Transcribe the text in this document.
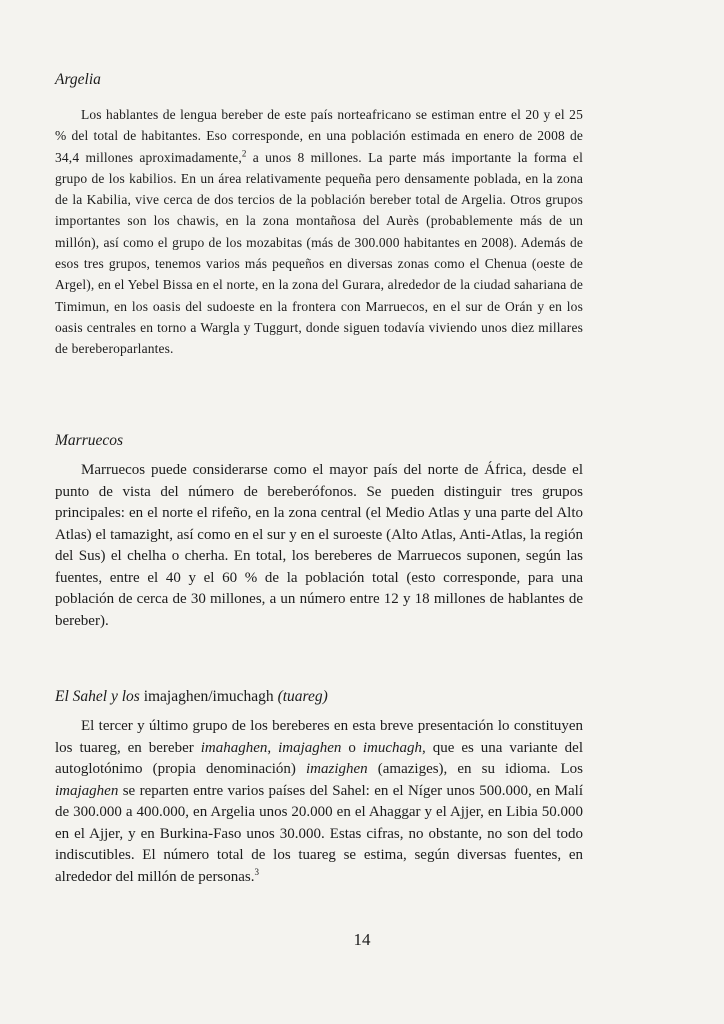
Argelia

Los hablantes de lengua bereber de este país norteafricano se estiman entre el 20 y el 25 % del total de habitantes. Eso corresponde, en una población estimada en enero de 2008 de 34,4 millones aproximadamente,$^2$ a unos 8 millones. La parte más importante la forma el grupo de los kabilios. En un área relativamente pequeña pero densamente poblada, en la zona de la Kabilia, vive cerca de dos tercios de la población bereber total de Argelia. Otros grupos importantes son los chawis, en la zona montañosa del Aurès (probablemente más de un millón), así como el grupo de los mozabitas (más de 300.000 habitantes en 2008). Además de esos tres grupos, tenemos varios más pequeños en diversas zonas como el Chenua (oeste de Argel), en el Yebel Bissa en el norte, en la zona del Gurara, alrededor de la ciudad sahariana de Timimun, en los oasis del sudoeste en la frontera con Marruecos, en el sur de Orán y en los oasis centrales en torno a Wargla y Tuggurt, donde siguen todavía viviendo unos diez millares de bereberoparlantes.

Marruecos

Marruecos puede considerarse como el mayor país del norte de África, desde el punto de vista del número de bereberófonos. Se pueden distinguir tres grupos principales: en el norte el rifeño, en la zona central (el Medio Atlas y una parte del Alto Atlas) el tamazight, así como en el sur y en el suroeste (Alto Atlas, Anti-Atlas, la región del Sus) el chelha o cherha. En total, los bereberes de Marruecos suponen, según las fuentes, entre el 40 y el 60 % de la población total (esto corresponde, para una población de cerca de 30 millones, a un número entre 12 y 18 millones de hablantes de bereber).

El Sahel y los imajaghen/imuchagh (tuareg)

El tercer y último grupo de los bereberes en esta breve presentación lo constituyen los tuareg, en bereber imahaghen, imajaghen o imuchagh, que es una variante del autoglotónimo (propia denominación) imazighen (amaziges), en su idioma. Los imajaghen se reparten entre varios países del Sahel: en el Níger unos 500.000, en Malí de 300.000 a 400.000, en Argelia unos 20.000 en el Ahaggar y el Ajjer, en Libia 50.000 en el Ajjer, y en Burkina-Faso unos 30.000. Estas cifras, no obstante, no son del todo indiscutibles. El número total de los tuareg se estima, según diversas fuentes, en alrededor del millón de personas.$^3$

14
